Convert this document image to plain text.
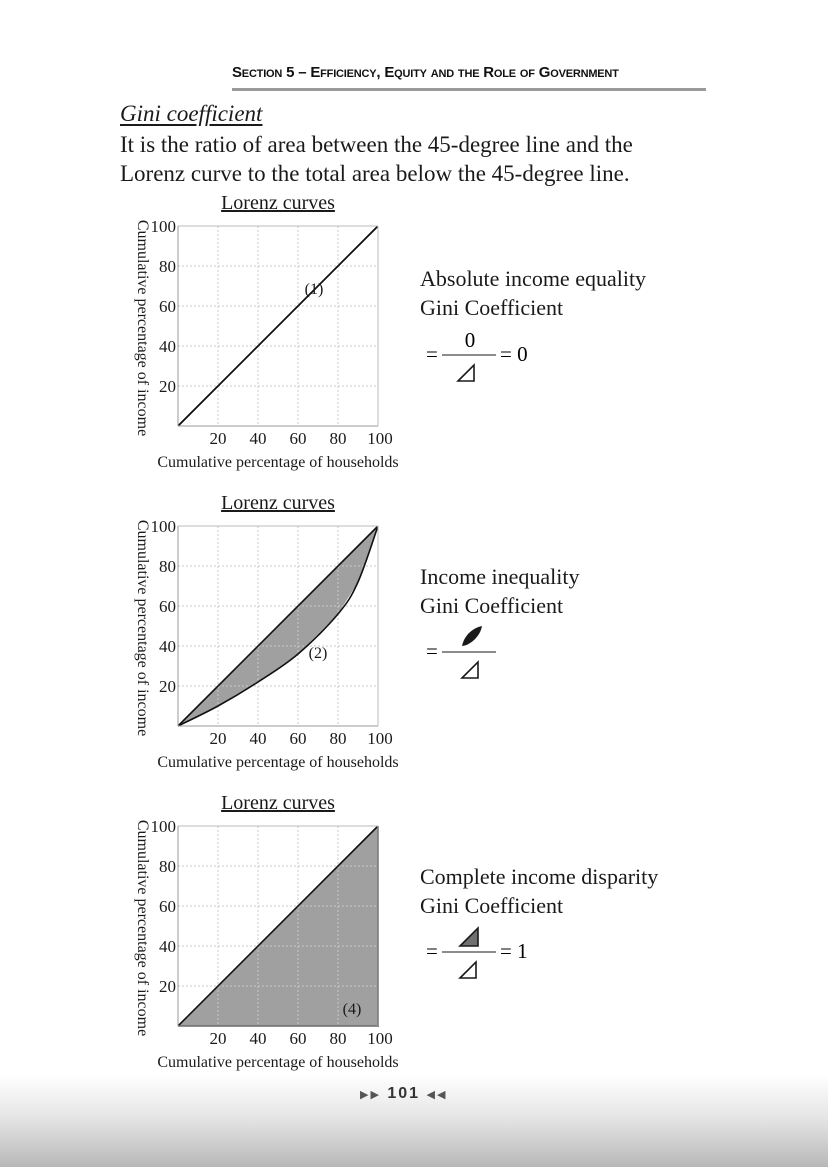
Section 5 – Efficiency, Equity and the Role of Government
Gini coefficient
It is the ratio of area between the 45-degree line and the
Lorenz curve to the total area below the 45-degree line.
Lorenz curves
20
40
60
80
100
20 40 60 80 100
Cumulative percentage of households
Cumulative percentage of income	(1)	Absolute income equality
Gini Coefficient
=
0
= 0
Lorenz curves
20
40
60
80
100
20 40 60 80 100
Cumulative percentage of households
Cumulative percentage of income	(2)
Income inequality
Gini Coefficient
=
Lorenz curves
20
40
60
80
100
20 40 60 80 100
Cumulative percentage of households
Cumulative percentage of income	(4)
Complete income disparity
Gini Coefficient
=	= 1
▶▶ 101 ◀◀
